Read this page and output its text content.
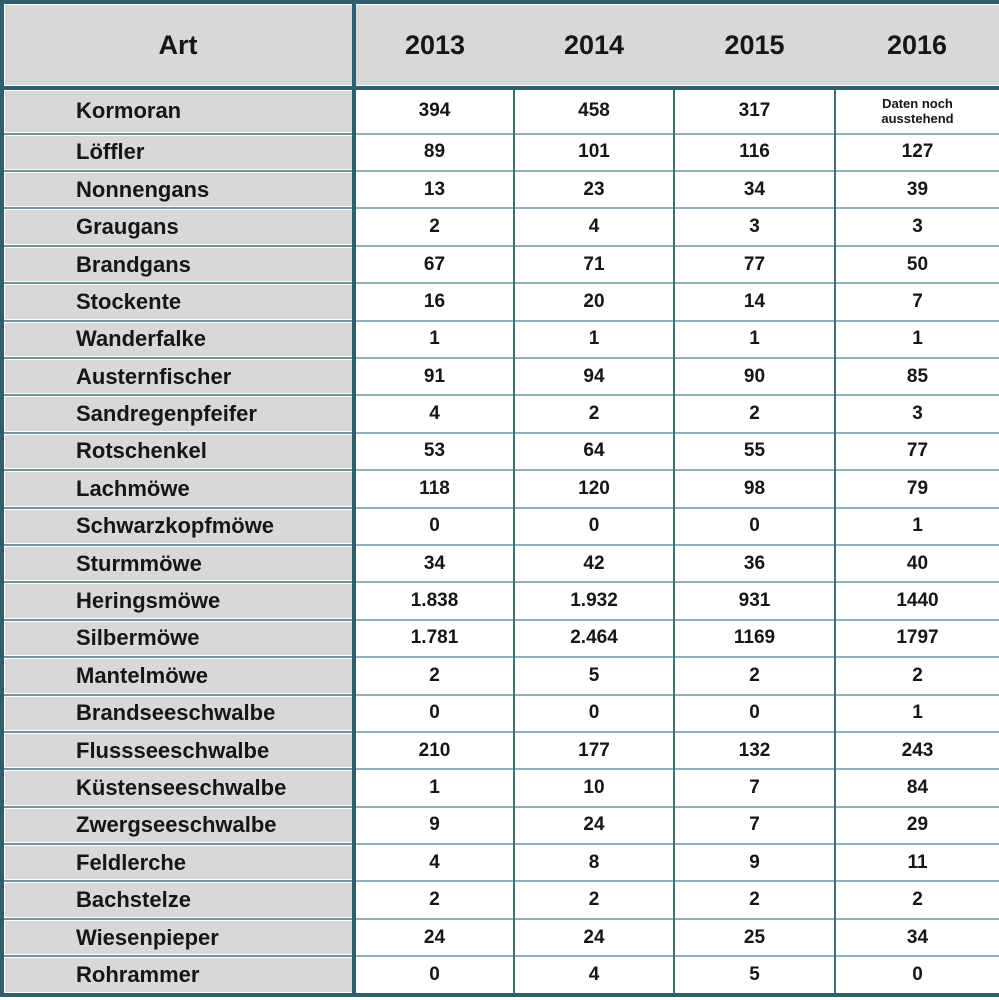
Art	2013	2014	2015	2016
Kormoran	394	458	317	Daten noch ausstehend
Löffler	89	101	116	127
Nonnengans	13	23	34	39
Graugans	2	4	3	3
Brandgans	67	71	77	50
Stockente	16	20	14	7
Wanderfalke	1	1	1	1
Austernfischer	91	94	90	85
Sandregenpfeifer	4	2	2	3
Rotschenkel	53	64	55	77
Lachmöwe	118	120	98	79
Schwarzkopfmöwe	0	0	0	1
Sturmmöwe	34	42	36	40
Heringsmöwe	1.838	1.932	931	1440
Silbermöwe	1.781	2.464	1169	1797
Mantelmöwe	2	5	2	2
Brandseeschwalbe	0	0	0	1
Flussseeschwalbe	210	177	132	243
Küstenseeschwalbe	1	10	7	84
Zwergseeschwalbe	9	24	7	29
Feldlerche	4	8	9	11
Bachstelze	2	2	2	2
Wiesenpieper	24	24	25	34
Rohrammer	0	4	5	0
